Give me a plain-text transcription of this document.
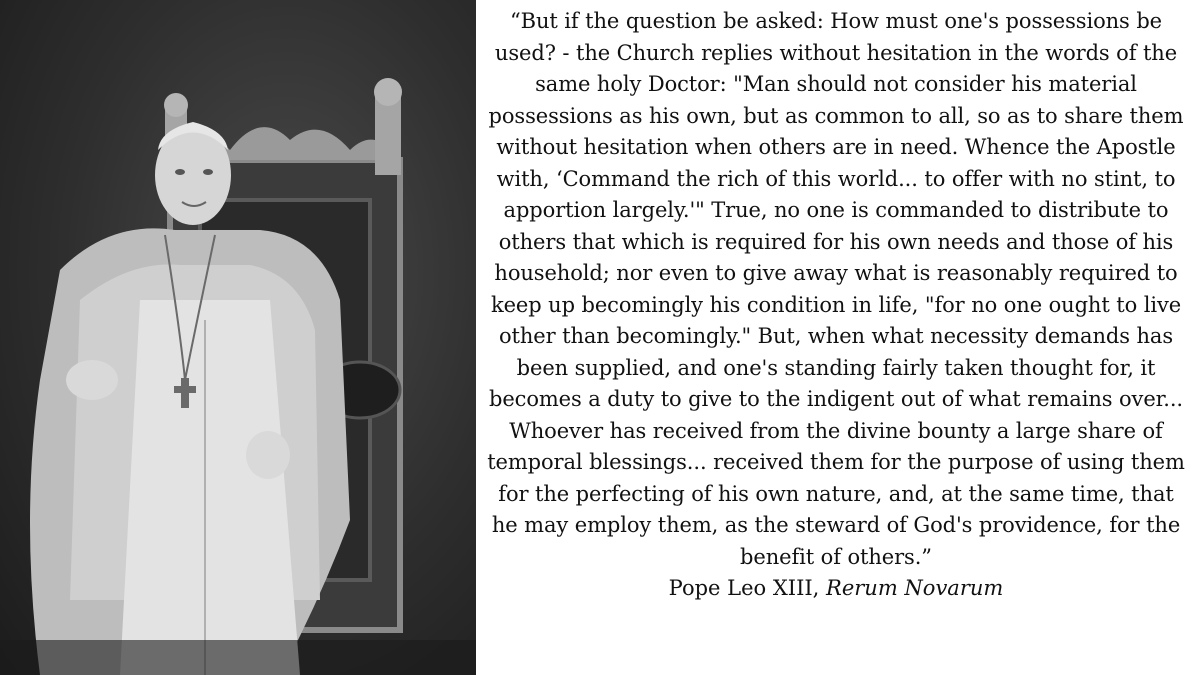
“But if the question be asked: How must one's possessions be used? - the Church replies without hesitation in the words of the same holy Doctor: "Man should not consider his material possessions as his own, but as common to all, so as to share them without hesitation when others are in need. Whence the Apostle with, ‘Command the rich of this world... to offer with no stint, to apportion largely.'" True, no one is commanded to distribute to others that which is required for his own needs and those of his household; nor even to give away what is reasonably required to keep up becomingly his condition in life, "for no one ought to live other than becomingly." But, when what necessity demands has been supplied, and one's standing fairly taken thought for, it becomes a duty to give to the indigent out of what remains over... Whoever has received from the divine bounty a large share of temporal blessings... received them for the purpose of using them for the perfecting of his own nature, and, at the same time, that he may employ them, as the steward of God's providence, for the benefit of others.”

Pope Leo XIII, Rerum Novarum
